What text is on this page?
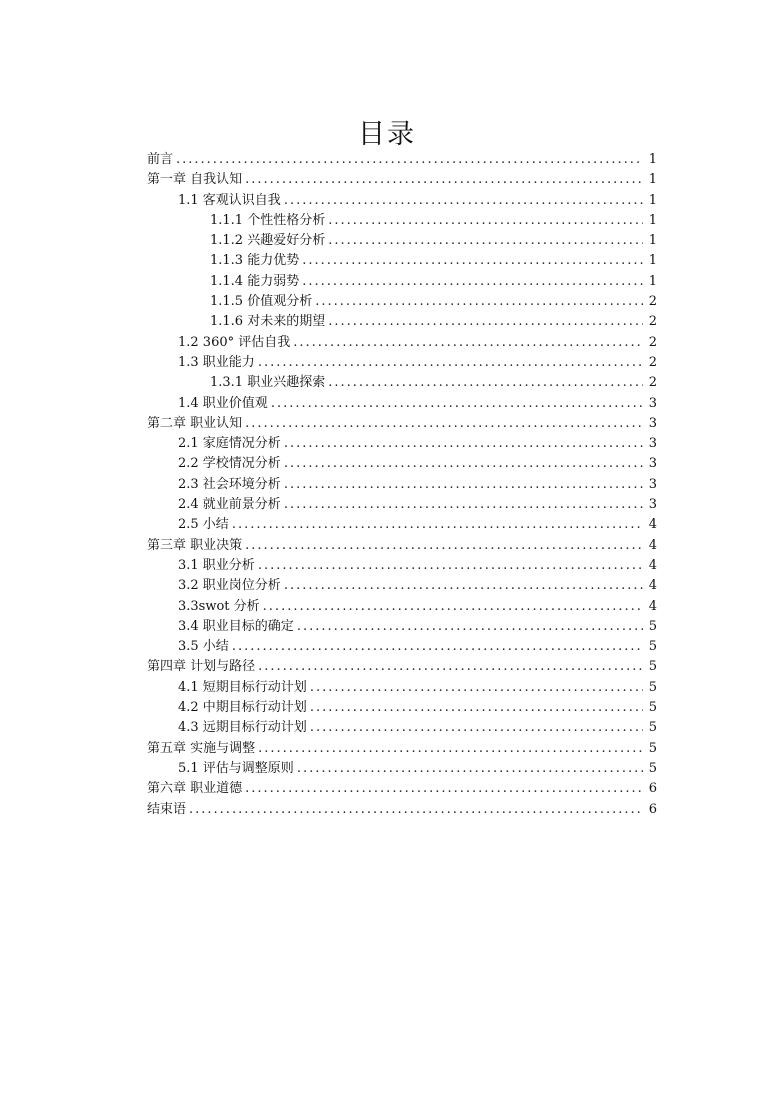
目录
前言 .....	1
第一章 自我认知 .....	1
1.1 客观认识自我 .....	1
1.1.1 个性性格分析 .....	1
1.1.2 兴趣爱好分析 .....	1
1.1.3 能力优势 .....	1
1.1.4 能力弱势 .....	1
1.1.5 价值观分析 .....	2
1.1.6 对未来的期望 .....	2
1.2 360° 评估自我 .....	2
1.3 职业能力 .....	2
1.3.1 职业兴趣探索 .....	2
1.4 职业价值观 .....	3
第二章 职业认知 .....	3
2.1 家庭情况分析 .....	3
2.2 学校情况分析 .....	3
2.3 社会环境分析 .....	3
2.4 就业前景分析 .....	3
2.5 小结 .....	4
第三章 职业决策 .....	4
3.1 职业分析 .....	4
3.2 职业岗位分析 .....	4
3.3swot 分析 .....	4
3.4 职业目标的确定 .....	5
3.5 小结 .....	5
第四章 计划与路径 .....	5
4.1 短期目标行动计划 .....	5
4.2 中期目标行动计划 .....	5
4.3 远期目标行动计划 .....	5
第五章 实施与调整 .....	5
5.1 评估与调整原则 .....	5
第六章 职业道德 .....	6
结束语 .....	6
